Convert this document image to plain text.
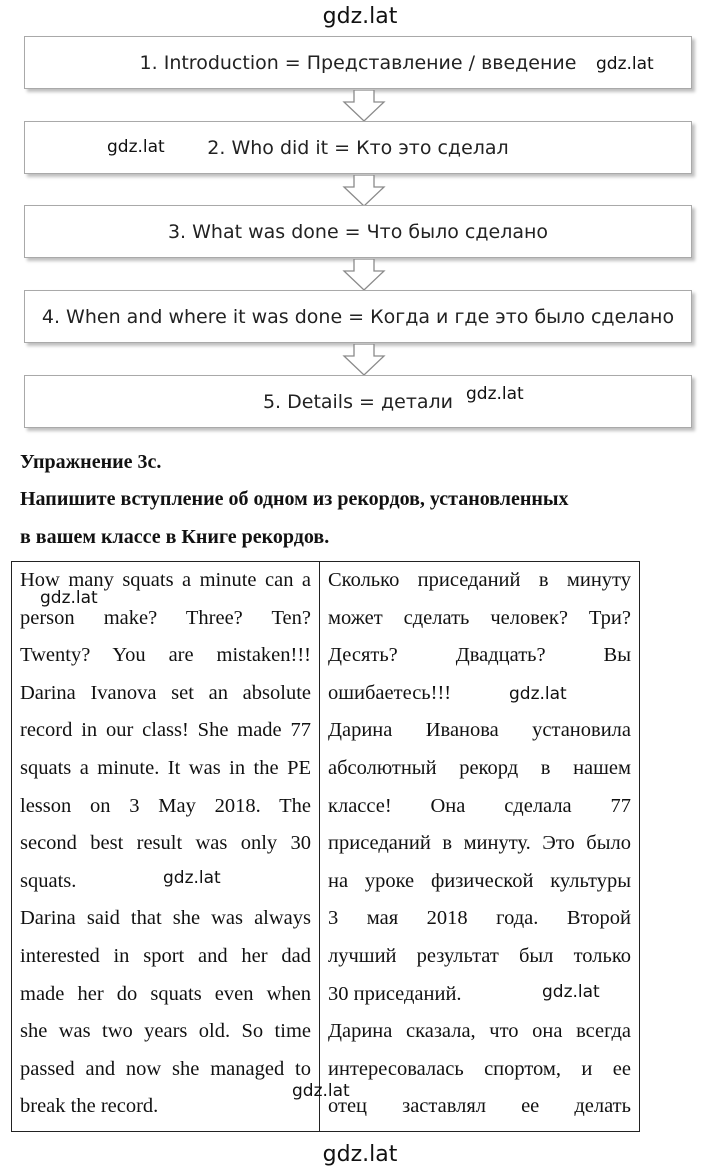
gdz.lat
1. Introduction = Представление / введение
2. Who did it = Кто это сделал
3. What was done = Что было сделано
4. When and where it was done = Когда и где это было сделано
5. Details = детали
gdz.lat
gdz.lat
gdz.lat
Упражнение 3с.
Напишите вступление об одном из рекордов, установленных
в вашем классе в Книге рекордов.
How many squats a minute can a
person make? Three? Ten?
Twenty? You are mistaken!!!
Darina Ivanova set an absolute
record in our class! She made 77
squats a minute. It was in the PE
lesson on 3 May 2018. The
second best result was only 30
squats.
Darina said that she was always
interested in sport and her dad
made her do squats even when
she was two years old. So time
passed and now she managed to
break the record.
Сколько приседаний в минуту
может сделать человек? Три?
Десять? Двадцать? Вы
ошибаетесь!!!
Дарина Иванова установила
абсолютный рекорд в нашем
классе! Она сделала 77
приседаний в минуту. Это было
на уроке физической культуры
3 мая 2018 года. Второй
лучший результат был только
30 приседаний.
Дарина сказала, что она всегда
интересовалась спортом, и ее
отец заставлял ее делать
gdz.lat
gdz.lat
gdz.lat
gdz.lat
gdz.lat
gdz.lat
